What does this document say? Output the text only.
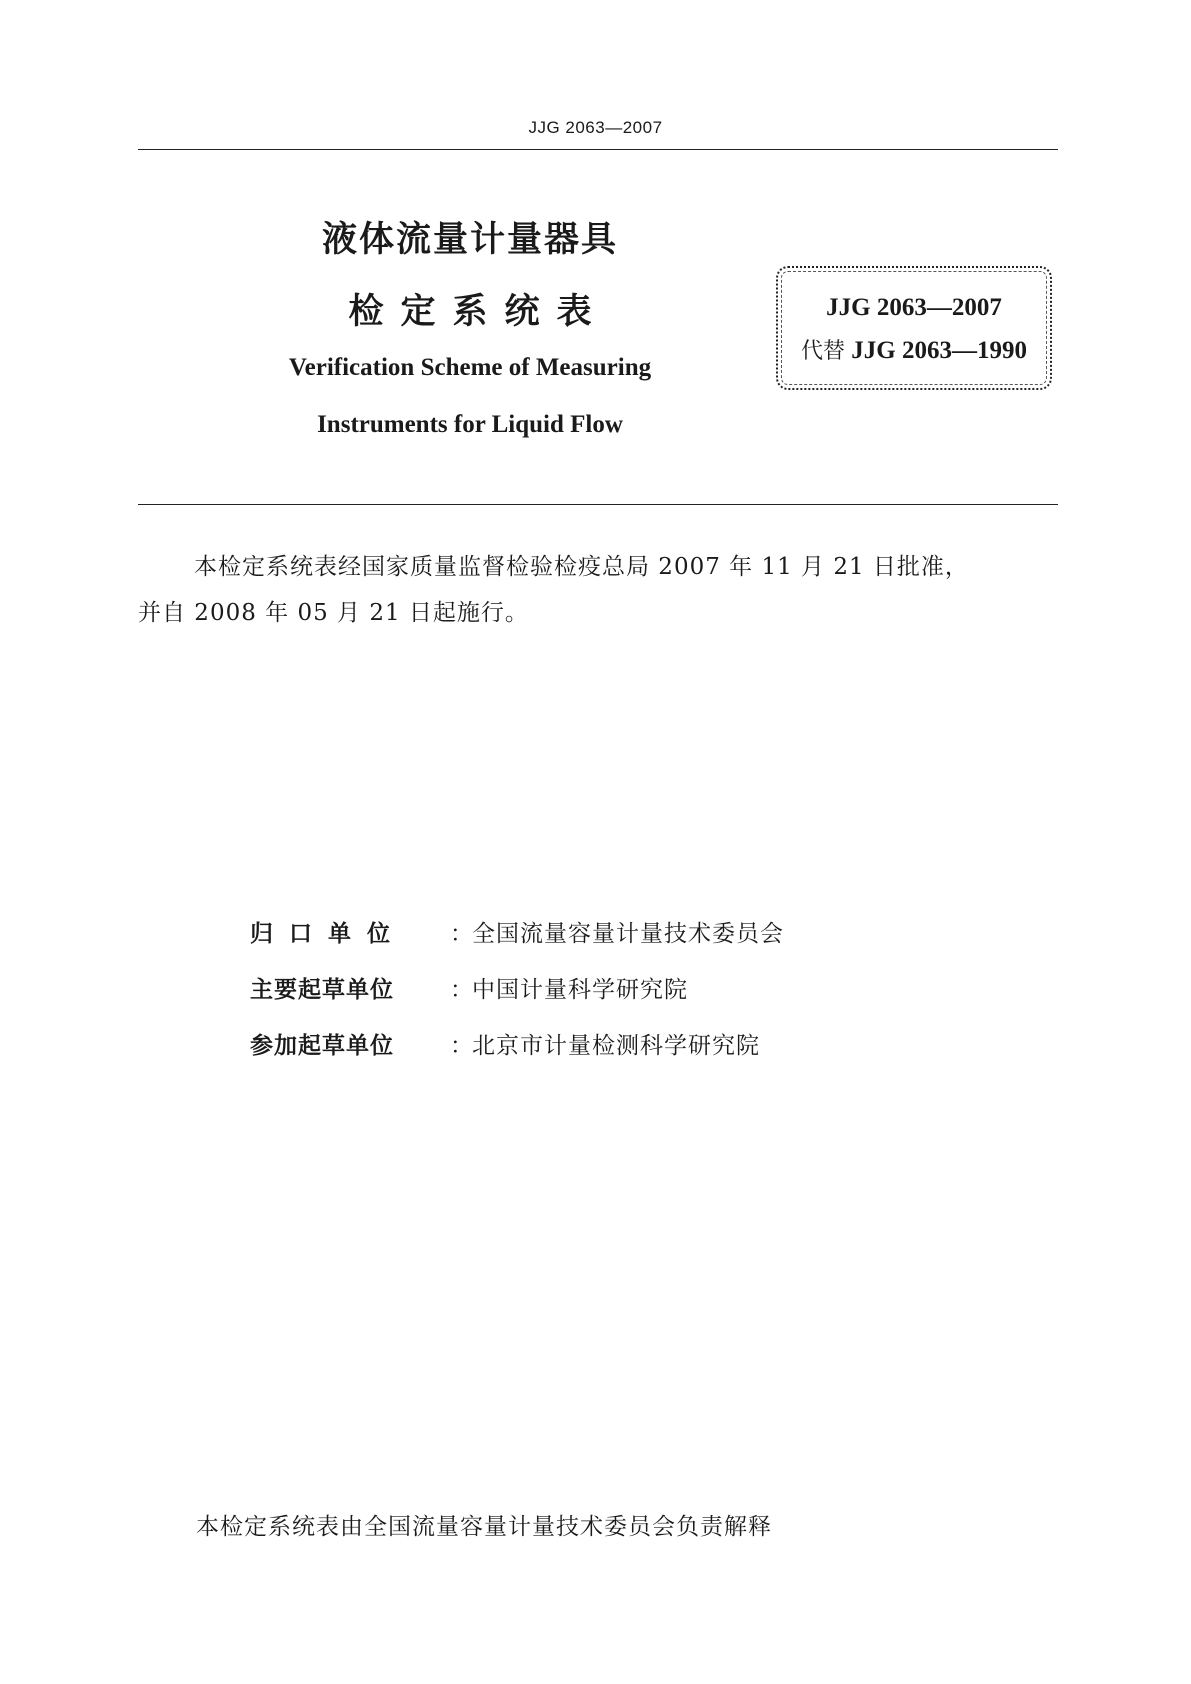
JJG 2063—2007
液体流量计量器具
检定系统表
Verification Scheme of Measuring
Instruments for Liquid Flow
JJG 2063—2007
代替 JJG 2063—1990
本检定系统表经国家质量监督检验检疫总局 2007 年 11 月 21 日批准，
并自 2008 年 05 月 21 日起施行。
归口单位 ：全国流量容量计量技术委员会
主要起草单位 ：中国计量科学研究院
参加起草单位 ：北京市计量检测科学研究院
本检定系统表由全国流量容量计量技术委员会负责解释
